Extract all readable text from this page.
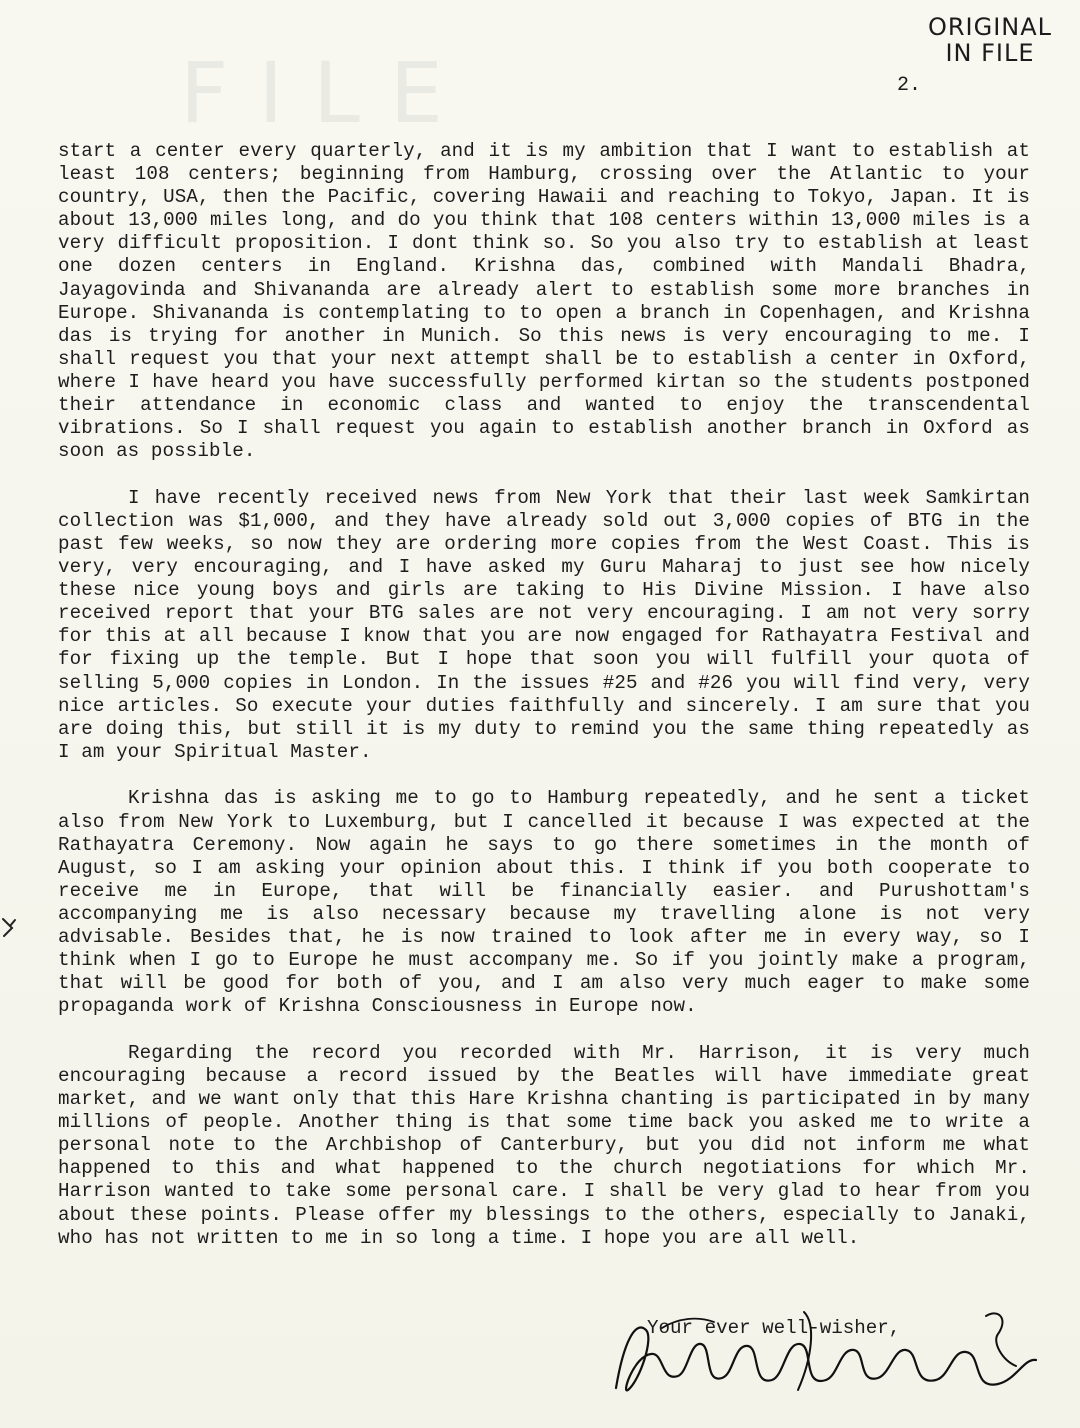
FILE
ORIGINAL
IN FILE
2.

start a center every quarterly, and it is my ambition that I want to establish at least 108 centers; beginning from Hamburg, crossing over the Atlantic to your country, USA, then the Pacific, covering Hawaii and reaching to Tokyo, Japan. It is about 13,000 miles long, and do you think that 108 centers within 13,000 miles is a very difficult proposition. I dont think so. So you also try to establish at least one dozen centers in England. Krishna das, combined with Mandali Bhadra, Jayagovinda and Shivananda are already alert to establish some more branches in Europe. Shivananda is contemplating to to open a branch in Copenhagen, and Krishna das is trying for another in Munich. So this news is very encouraging to me. I shall request you that your next attempt shall be to establish a center in Oxford, where I have heard you have successfully performed kirtan so the students postponed their attendance in economic class and wanted to enjoy the transcendental vibrations. So I shall request you again to establish another branch in Oxford as soon as possible.

I have recently received news from New York that their last week Samkirtan collection was $1,000, and they have already sold out 3,000 copies of BTG in the past few weeks, so now they are ordering more copies from the West Coast. This is very, very encouraging, and I have asked my Guru Maharaj to just see how nicely these nice young boys and girls are taking to His Divine Mission. I have also received report that your BTG sales are not very encouraging. I am not very sorry for this at all because I know that you are now engaged for Rathayatra Festival and for fixing up the temple. But I hope that soon you will fulfill your quota of selling 5,000 copies in London. In the issues #25 and #26 you will find very, very nice articles. So execute your duties faithfully and sincerely. I am sure that you are doing this, but still it is my duty to remind you the same thing repeatedly as I am your Spiritual Master.

Krishna das is asking me to go to Hamburg repeatedly, and he sent a ticket also from New York to Luxemburg, but I cancelled it because I was expected at the Rathayatra Ceremony. Now again he says to go there sometimes in the month of August, so I am asking your opinion about this. I think if you both cooperate to receive me in Europe, that will be financially easier. and Purushottam's accompanying me is also necessary because my travelling alone is not very advisable. Besides that, he is now trained to look after me in every way, so I think when I go to Europe he must accompany me. So if you jointly make a program, that will be good for both of you, and I am also very much eager to make some propaganda work of Krishna Consciousness in Europe now.

Regarding the record you recorded with Mr. Harrison, it is very much encouraging because a record issued by the Beatles will have immediate great market, and we want only that this Hare Krishna chanting is participated in by many millions of people. Another thing is that some time back you asked me to write a personal note to the Archbishop of Canterbury, but you did not inform me what happened to this and what happened to the church negotiations for which Mr. Harrison wanted to take some personal care. I shall be very glad to hear from you about these points. Please offer my blessings to the others, especially to Janaki, who has not written to me in so long a time. I hope you are all well.

Your ever well-wisher,
